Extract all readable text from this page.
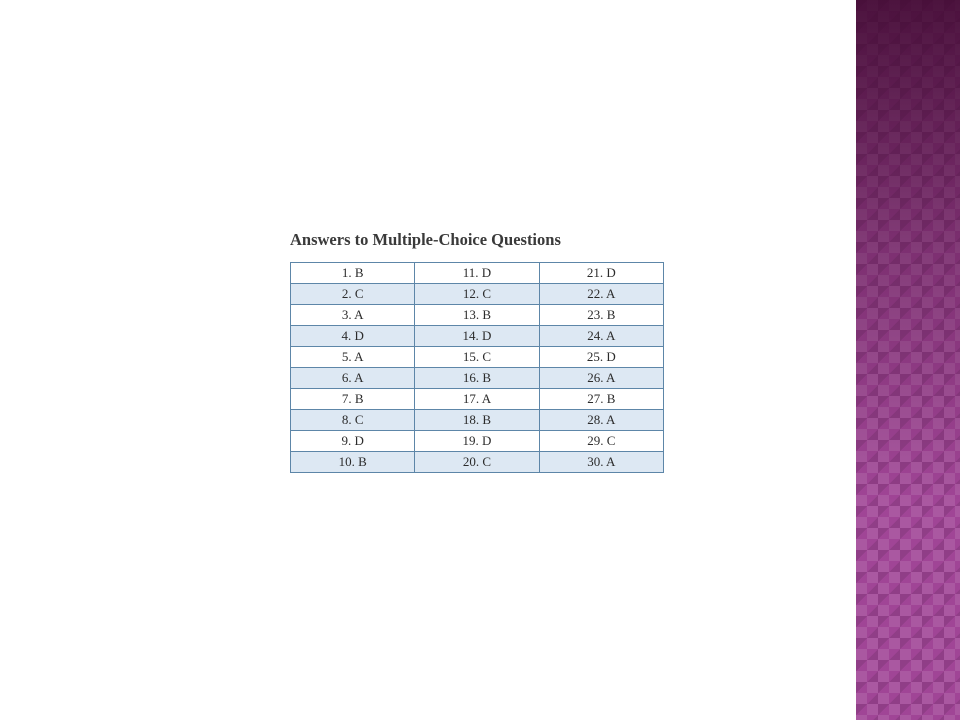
Answers to Multiple-Choice Questions
1. B	11. D	21. D
2. C	12. C	22. A
3. A	13. B	23. B
4. D	14. D	24. A
5. A	15. C	25. D
6. A	16. B	26. A
7. B	17. A	27. B
8. C	18. B	28. A
9. D	19. D	29. C
10. B	20. C	30. A
